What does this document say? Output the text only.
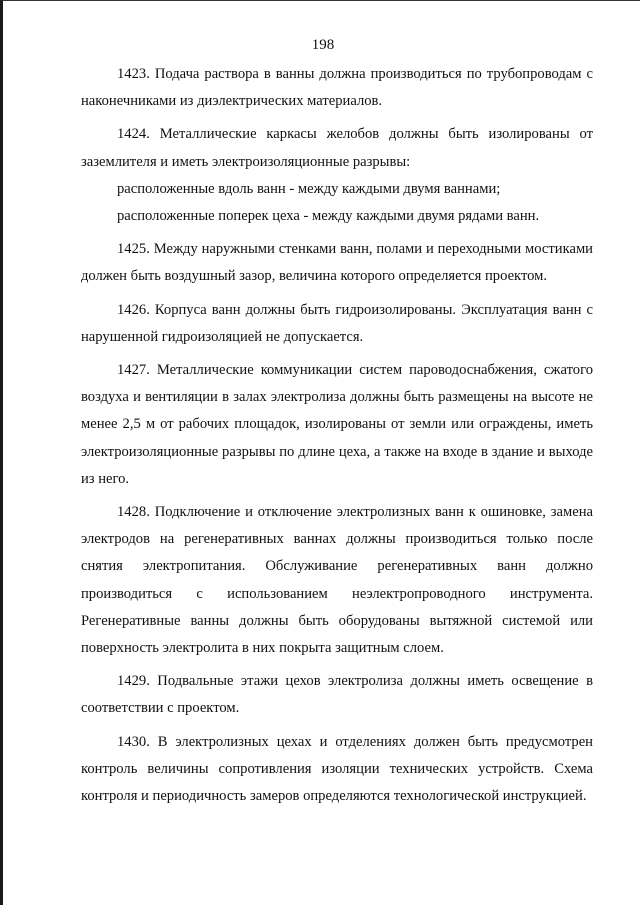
198

1423. Подача раствора в ванны должна производиться по трубопроводам с наконечниками из диэлектрических материалов.

1424. Металлические каркасы желобов должны быть изолированы от заземлителя и иметь электроизоляционные разрывы:

расположенные вдоль ванн - между каждыми двумя ваннами;

расположенные поперек цеха - между каждыми двумя рядами ванн.

1425. Между наружными стенками ванн, полами и переходными мостиками должен быть воздушный зазор, величина которого определяется проектом.

1426. Корпуса ванн должны быть гидроизолированы. Эксплуатация ванн с нарушенной гидроизоляцией не допускается.

1427. Металлические коммуникации систем пароводоснабжения, сжатого воздуха и вентиляции в залах электролиза должны быть размещены на высоте не менее 2,5 м от рабочих площадок, изолированы от земли или ограждены, иметь электроизоляционные разрывы по длине цеха, а также на входе в здание и выходе из него.

1428. Подключение и отключение электролизных ванн к ошиновке, замена электродов на регенеративных ваннах должны производиться только после снятия электропитания. Обслуживание регенеративных ванн должно производиться с использованием неэлектропроводного инструмента. Регенеративные ванны должны быть оборудованы вытяжной системой или поверхность электролита в них покрыта защитным слоем.

1429. Подвальные этажи цехов электролиза должны иметь освещение в соответствии с проектом.

1430. В электролизных цехах и отделениях должен быть предусмотрен контроль величины сопротивления изоляции технических устройств. Схема контроля и периодичность замеров определяются технологической инструкцией.
